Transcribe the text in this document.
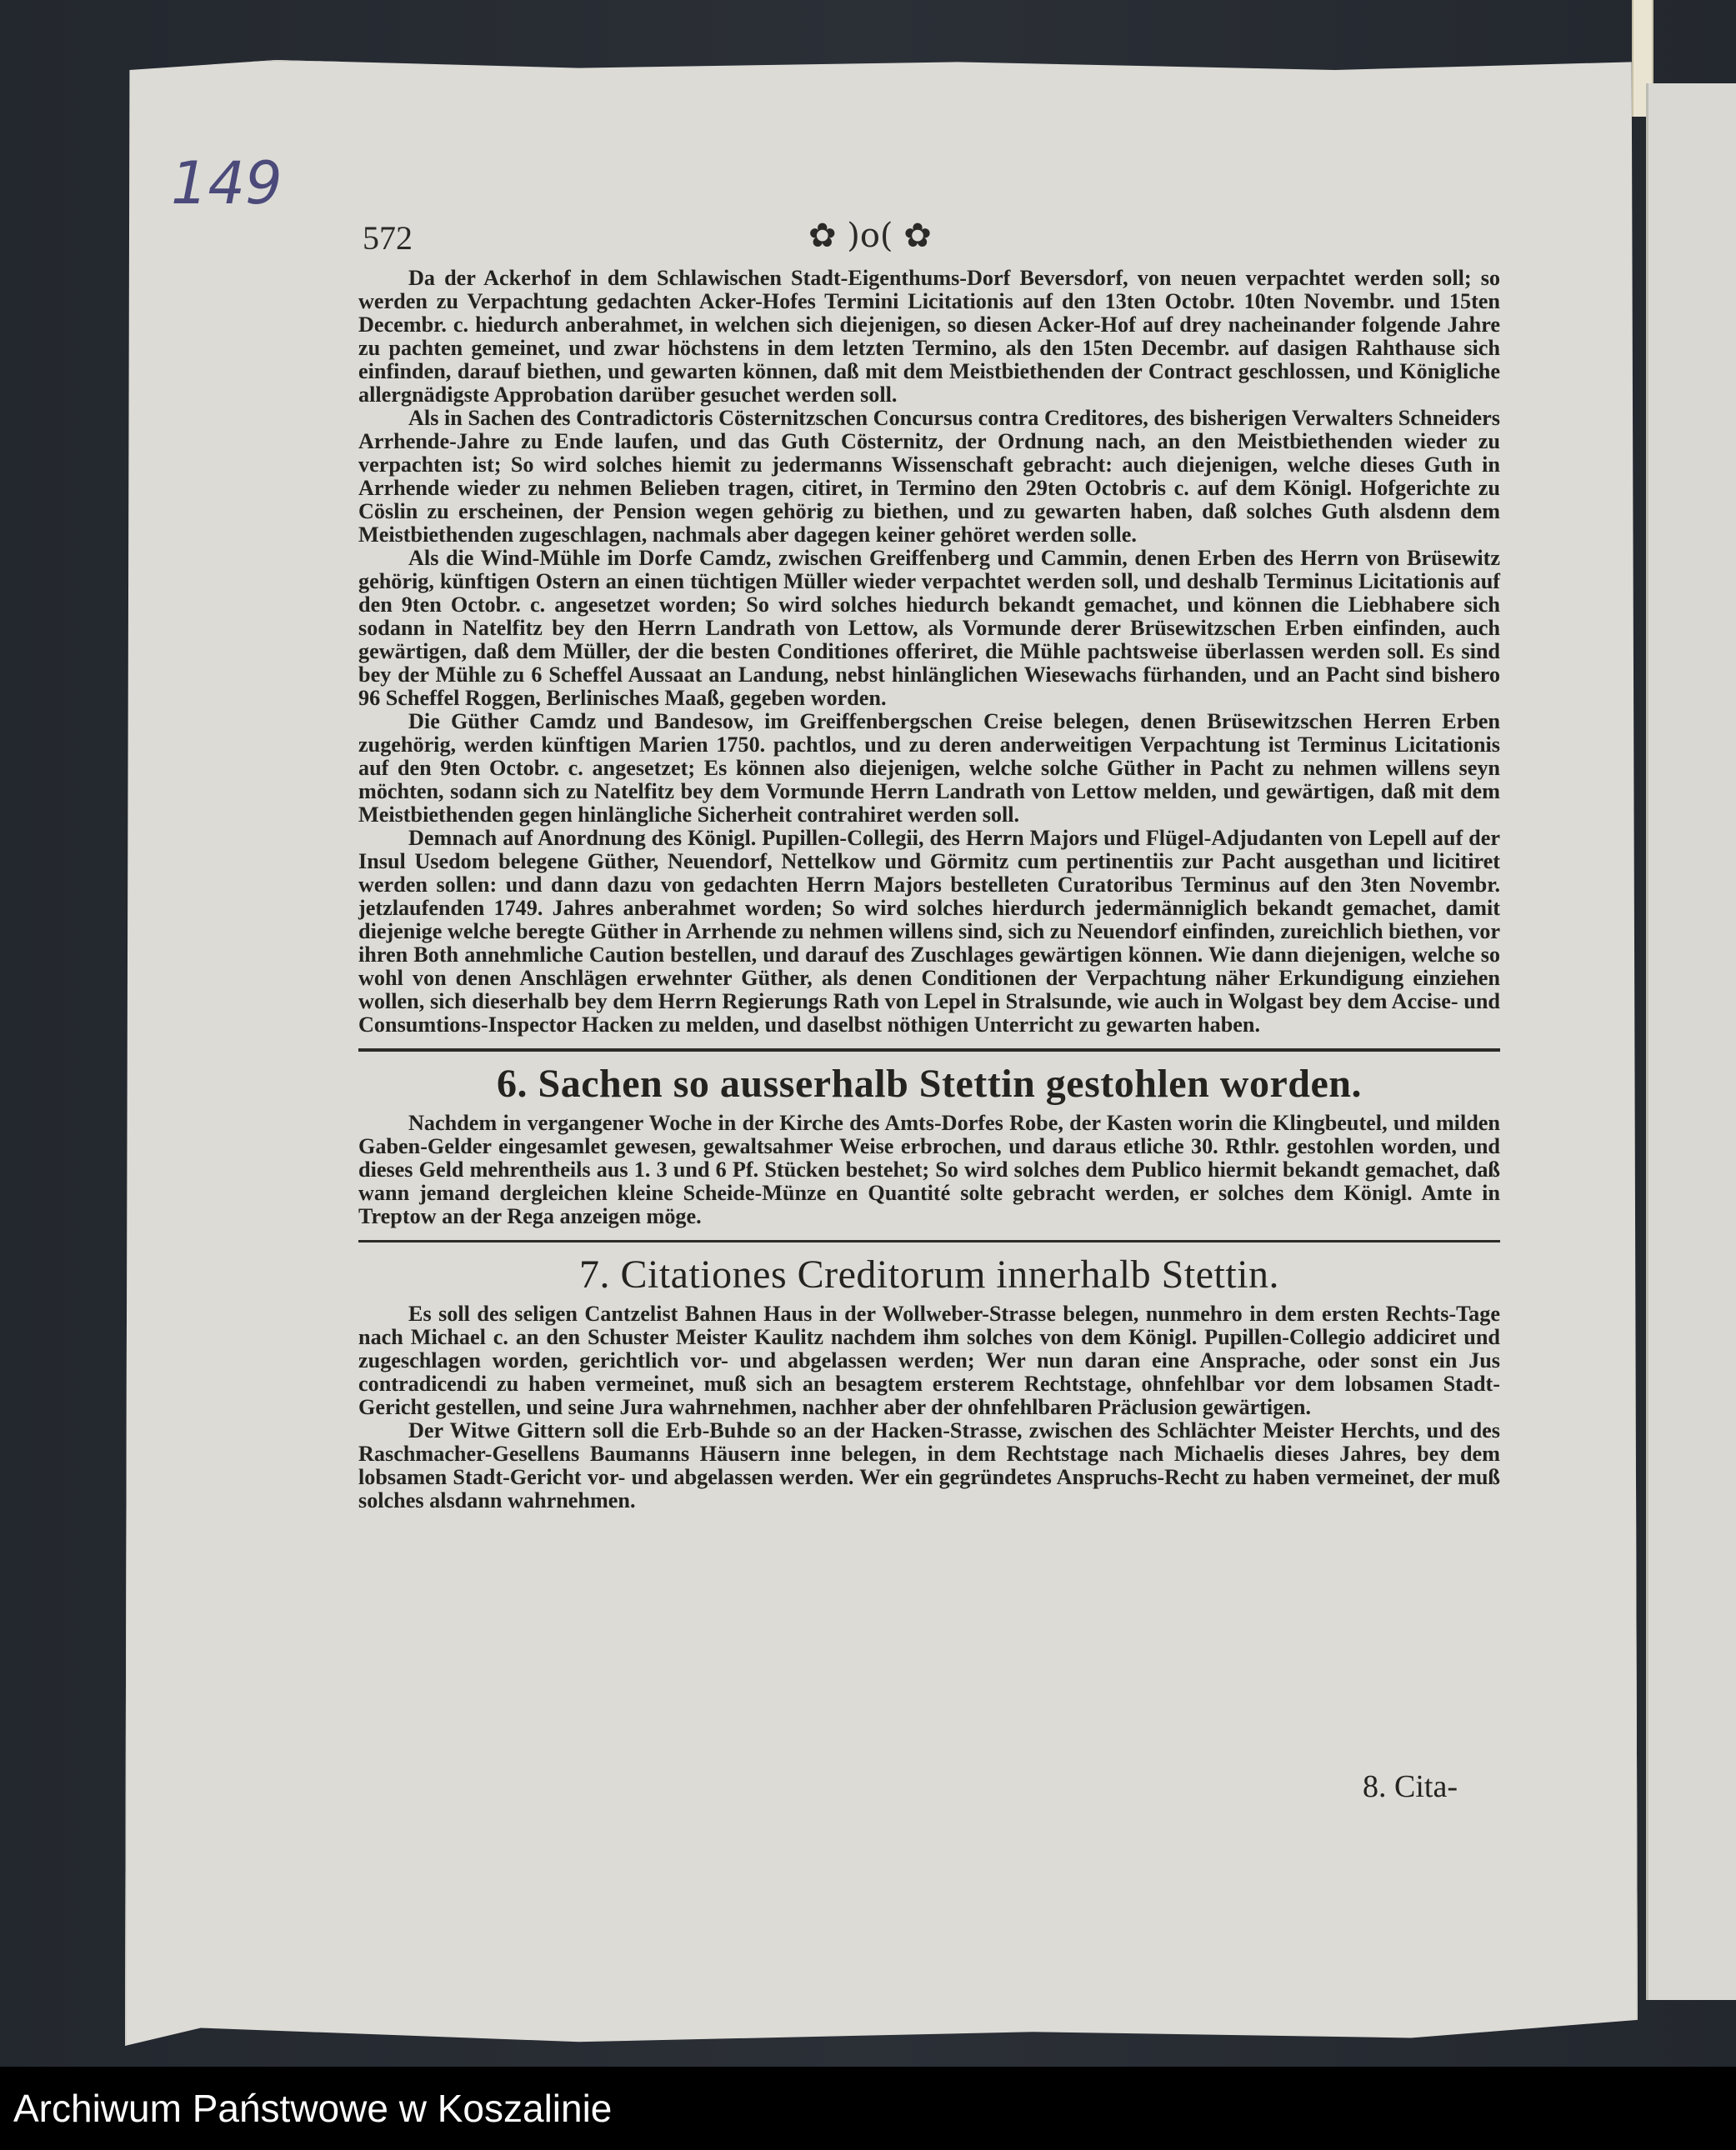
149
572	✿ )o( ✿

Da der Ackerhof in dem Schlawischen Stadt-Eigenthums-Dorf Beversdorf, von neuen verpachtet werden soll; so werden zu Verpachtung gedachten Acker-Hofes Termini Licitationis auf den 13ten Octobr. 10ten Novembr. und 15ten Decembr. c. hiedurch anberahmet, in welchen sich diejenigen, so diesen Acker-Hof auf drey nacheinander folgende Jahre zu pachten gemeinet, und zwar höchstens in dem letzten Termino, als den 15ten Decembr. auf dasigen Rahthause sich einfinden, darauf biethen, und gewarten können, daß mit dem Meistbiethenden der Contract geschlossen, und Königliche allergnädigste Approbation darüber gesuchet werden soll.

Als in Sachen des Contradictoris Cösternitzschen Concursus contra Creditores, des bisherigen Verwalters Schneiders Arrhende-Jahre zu Ende laufen, und das Guth Cösternitz, der Ordnung nach, an den Meistbiethenden wieder zu verpachten ist; So wird solches hiemit zu jedermanns Wissenschaft gebracht: auch diejenigen, welche dieses Guth in Arrhende wieder zu nehmen Belieben tragen, citiret, in Termino den 29ten Octobris c. auf dem Königl. Hofgerichte zu Cöslin zu erscheinen, der Pension wegen gehörig zu biethen, und zu gewarten haben, daß solches Guth alsdenn dem Meistbiethenden zugeschlagen, nachmals aber dagegen keiner gehöret werden solle.

Als die Wind-Mühle im Dorfe Camdz, zwischen Greiffenberg und Cammin, denen Erben des Herrn von Brüsewitz gehörig, künftigen Ostern an einen tüchtigen Müller wieder verpachtet werden soll, und deshalb Terminus Licitationis auf den 9ten Octobr. c. angesetzet worden; So wird solches hiedurch bekandt gemachet, und können die Liebhabere sich sodann in Natelfitz bey den Herrn Landrath von Lettow, als Vormunde derer Brüsewitzschen Erben einfinden, auch gewärtigen, daß dem Müller, der die besten Conditiones offeriret, die Mühle pachtsweise überlassen werden soll. Es sind bey der Mühle zu 6 Scheffel Aussaat an Landung, nebst hinlänglichen Wiesewachs fürhanden, und an Pacht sind bishero 96 Scheffel Roggen, Berlinisches Maaß, gegeben worden.

Die Güther Camdz und Bandesow, im Greiffenbergschen Creise belegen, denen Brüsewitzschen Herren Erben zugehörig, werden künftigen Marien 1750. pachtlos, und zu deren anderweitigen Verpachtung ist Terminus Licitationis auf den 9ten Octobr. c. angesetzet; Es können also diejenigen, welche solche Güther in Pacht zu nehmen willens seyn möchten, sodann sich zu Natelfitz bey dem Vormunde Herrn Landrath von Lettow melden, und gewärtigen, daß mit dem Meistbiethenden gegen hinlängliche Sicherheit contrahiret werden soll.

Demnach auf Anordnung des Königl. Pupillen-Collegii, des Herrn Majors und Flügel-Adjudanten von Lepell auf der Insul Usedom belegene Güther, Neuendorf, Nettelkow und Görmitz cum pertinentiis zur Pacht ausgethan und licitiret werden sollen: und dann dazu von gedachten Herrn Majors bestelleten Curatoribus Terminus auf den 3ten Novembr. jetzlaufenden 1749. Jahres anberahmet worden; So wird solches hierdurch jedermänniglich bekandt gemachet, damit diejenige welche beregte Güther in Arrhende zu nehmen willens sind, sich zu Neuendorf einfinden, zureichlich biethen, vor ihren Both annehmliche Caution bestellen, und darauf des Zuschlages gewärtigen können. Wie dann diejenigen, welche so wohl von denen Anschlägen erwehnter Güther, als denen Conditionen der Verpachtung näher Erkundigung einziehen wollen, sich dieserhalb bey dem Herrn Regierungs Rath von Lepel in Stralsunde, wie auch in Wolgast bey dem Accise- und Consumtions-Inspector Hacken zu melden, und daselbst nöthigen Unterricht zu gewarten haben.

6. Sachen so ausserhalb Stettin gestohlen worden.

Nachdem in vergangener Woche in der Kirche des Amts-Dorfes Robe, der Kasten worin die Klingbeutel, und milden Gaben-Gelder eingesamlet gewesen, gewaltsahmer Weise erbrochen, und daraus etliche 30. Rthlr. gestohlen worden, und dieses Geld mehrentheils aus 1. 3 und 6 Pf. Stücken bestehet; So wird solches dem Publico hiermit bekandt gemachet, daß wann jemand dergleichen kleine Scheide-Münze en Quantité solte gebracht werden, er solches dem Königl. Amte in Treptow an der Rega anzeigen möge.

7. Citationes Creditorum innerhalb Stettin.

Es soll des seligen Cantzelist Bahnen Haus in der Wollweber-Strasse belegen, nunmehro in dem ersten Rechts-Tage nach Michael c. an den Schuster Meister Kaulitz nachdem ihm solches von dem Königl. Pupillen-Collegio addiciret und zugeschlagen worden, gerichtlich vor- und abgelassen werden; Wer nun daran eine Ansprache, oder sonst ein Jus contradicendi zu haben vermeinet, muß sich an besagtem ersterem Rechtstage, ohnfehlbar vor dem lobsamen Stadt-Gericht gestellen, und seine Jura wahrnehmen, nachher aber der ohnfehlbaren Präclusion gewärtigen.

Der Witwe Gittern soll die Erb-Buhde so an der Hacken-Strasse, zwischen des Schlächter Meister Herchts, und des Raschmacher-Gesellens Baumanns Häusern inne belegen, in dem Rechtstage nach Michaelis dieses Jahres, bey dem lobsamen Stadt-Gericht vor- und abgelassen werden. Wer ein gegründetes Anspruchs-Recht zu haben vermeinet, der muß solches alsdann wahrnehmen.

8. Cita-
Archiwum Państwowe w Koszalinie
